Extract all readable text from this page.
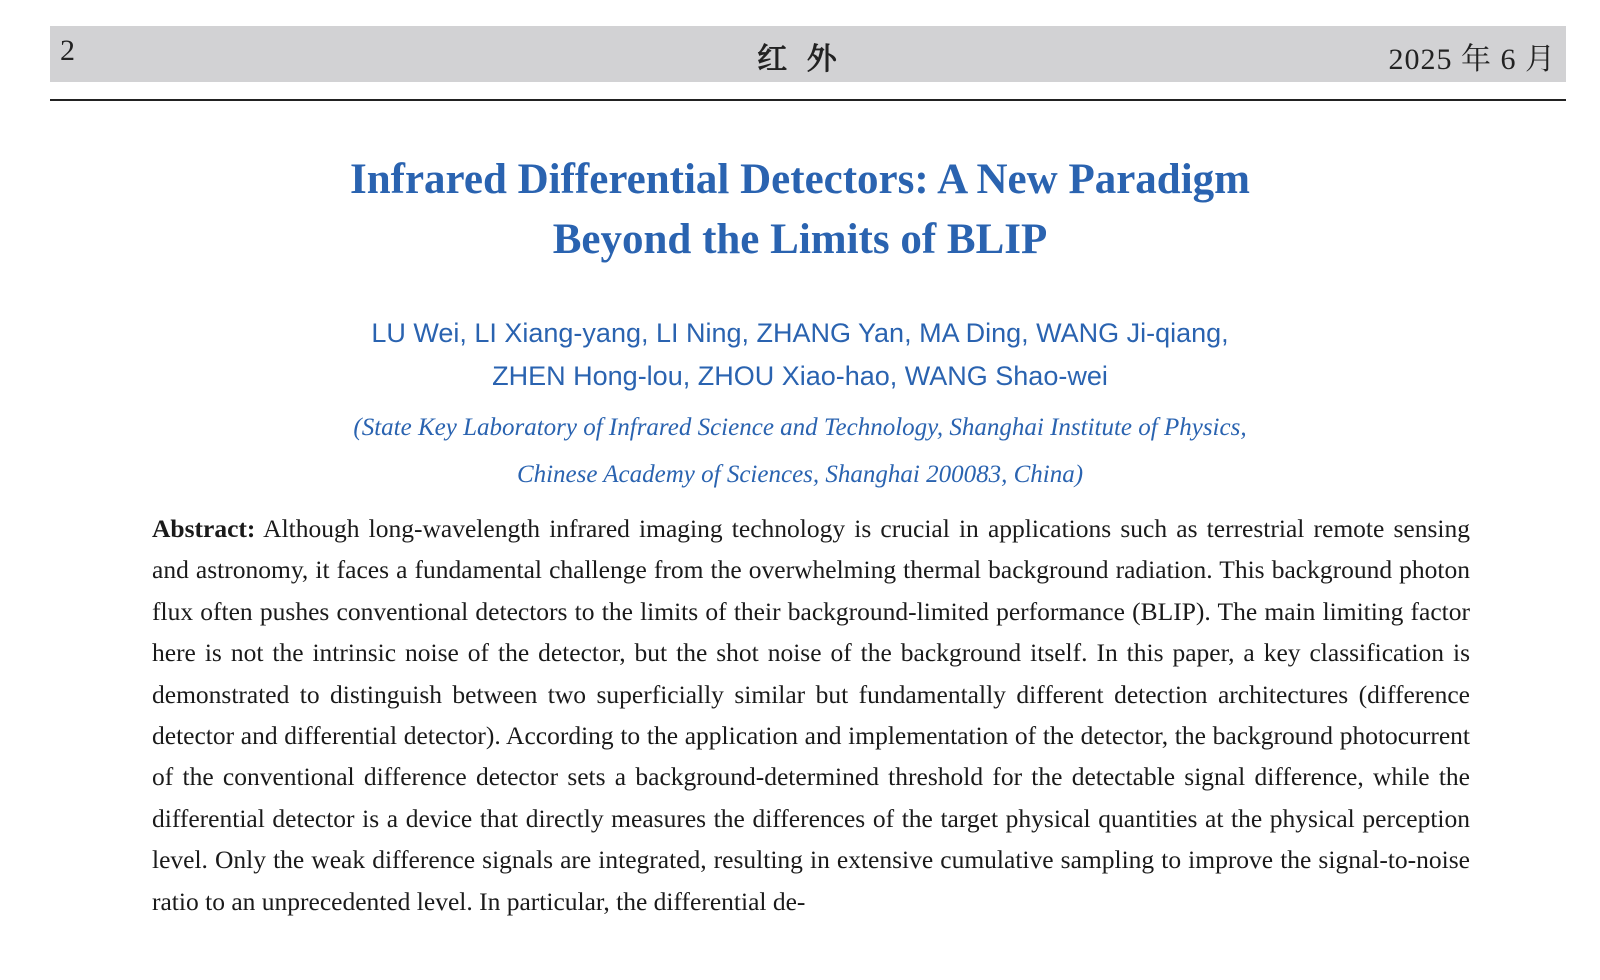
2	红 外	2025 年 6 月
Infrared Differential Detectors: A New Paradigm
Beyond the Limits of BLIP
LU Wei, LI Xiang-yang, LI Ning, ZHANG Yan, MA Ding, WANG Ji-qiang,
ZHEN Hong-lou, ZHOU Xiao-hao, WANG Shao-wei
(State Key Laboratory of Infrared Science and Technology, Shanghai Institute of Physics,
Chinese Academy of Sciences, Shanghai 200083, China)
Abstract: Although long-wavelength infrared imaging technology is crucial in applications such as terrestrial remote sensing and astronomy, it faces a fundamental challenge from the overwhelming thermal background radiation. This background photon flux often pushes conventional detectors to the limits of their background-limited performance (BLIP). The main limiting factor here is not the intrinsic noise of the detector, but the shot noise of the background itself. In this paper, a key classification is demonstrated to distinguish between two superficially similar but fundamentally different detection architectures (difference detector and differential detector). According to the application and implementation of the detector, the background photocurrent of the conventional difference detector sets a background-determined threshold for the detectable signal difference, while the differential detector is a device that directly measures the differences of the target physical quantities at the physical perception level. Only the weak difference signals are integrated, resulting in extensive cumulative sampling to improve the signal-to-noise ratio to an unprecedented level. In particular, the differential de-
